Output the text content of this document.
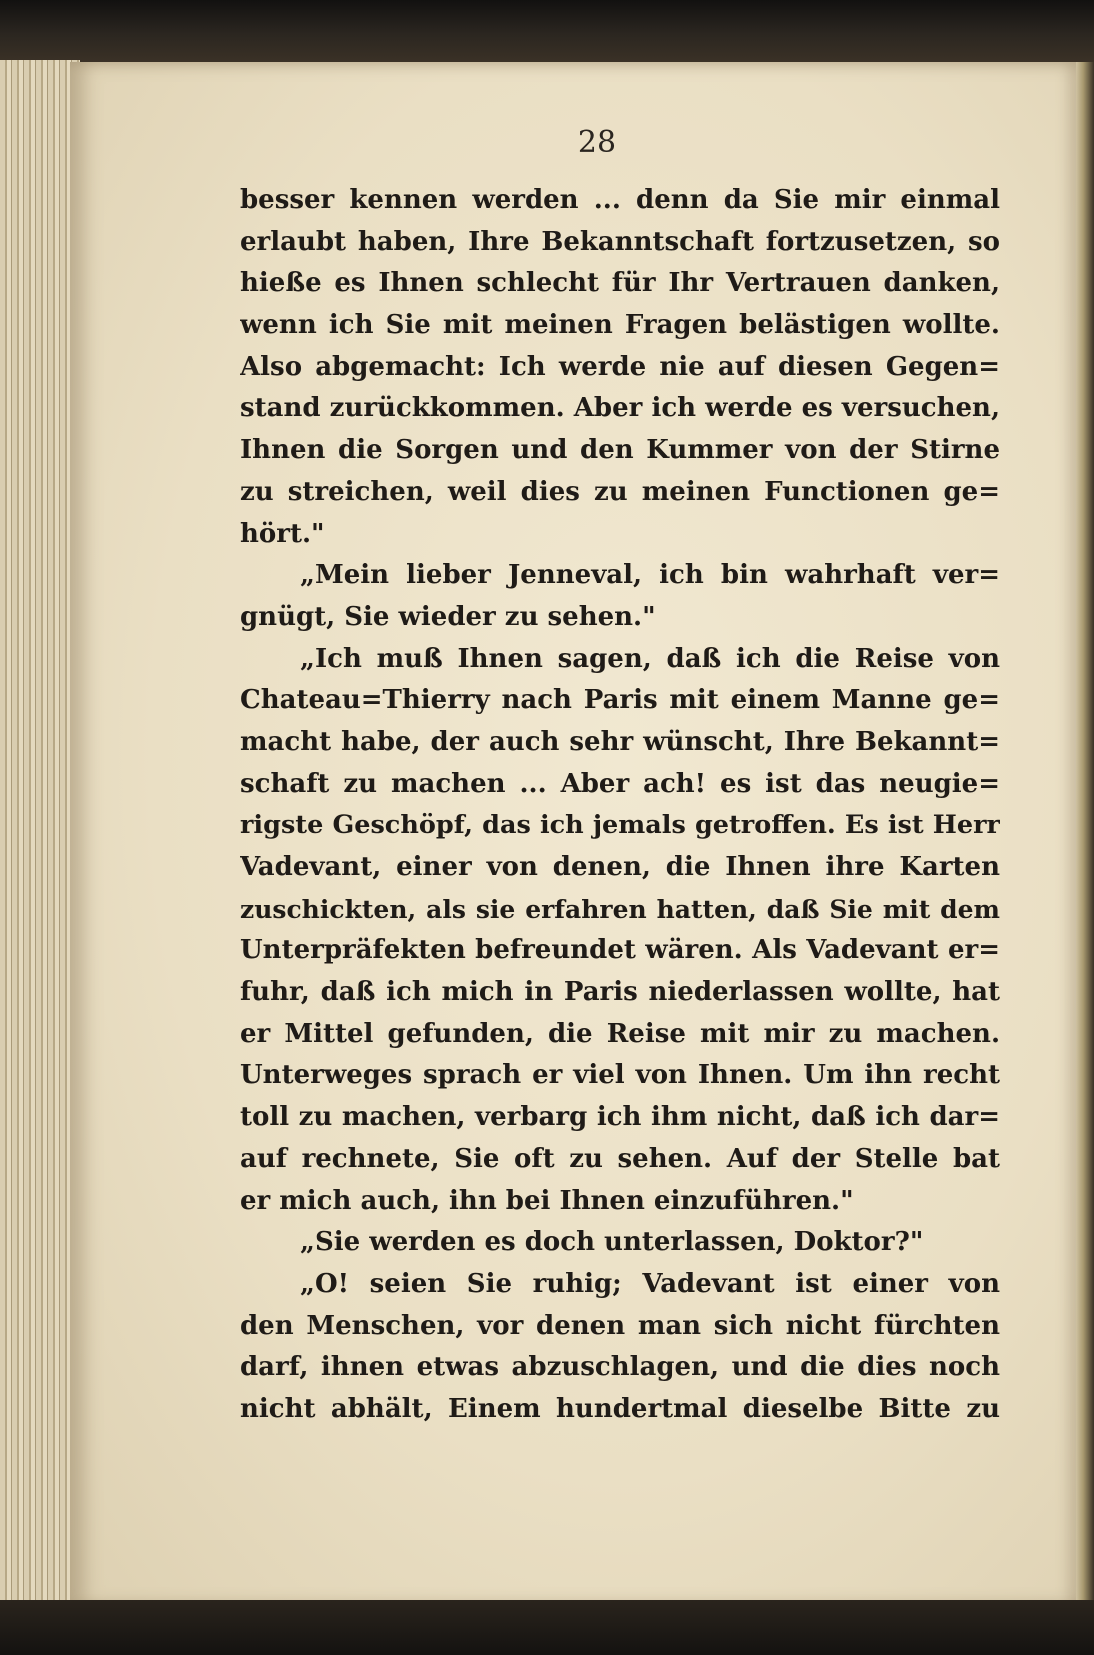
28
besser kennen werden ... denn da Sie mir einmal
erlaubt haben, Ihre Bekanntschaft fortzusetzen, so
hieße es Ihnen schlecht für Ihr Vertrauen danken,
wenn ich Sie mit meinen Fragen belästigen wollte.
Also abgemacht: Ich werde nie auf diesen Gegen=
stand zurückkommen. Aber ich werde es versuchen,
Ihnen die Sorgen und den Kummer von der Stirne
zu streichen, weil dies zu meinen Functionen ge=
hört."
„Mein lieber Jenneval, ich bin wahrhaft ver=
gnügt, Sie wieder zu sehen."
„Ich muß Ihnen sagen, daß ich die Reise von
Chateau=Thierry nach Paris mit einem Manne ge=
macht habe, der auch sehr wünscht, Ihre Bekannt=
schaft zu machen ... Aber ach! es ist das neugie=
rigste Geschöpf, das ich jemals getroffen. Es ist Herr
Vadevant, einer von denen, die Ihnen ihre Karten
zuschickten, als sie erfahren hatten, daß Sie mit dem
Unterpräfekten befreundet wären. Als Vadevant er=
fuhr, daß ich mich in Paris niederlassen wollte, hat
er Mittel gefunden, die Reise mit mir zu machen.
Unterweges sprach er viel von Ihnen. Um ihn recht
toll zu machen, verbarg ich ihm nicht, daß ich dar=
auf rechnete, Sie oft zu sehen. Auf der Stelle bat
er mich auch, ihn bei Ihnen einzuführen."
„Sie werden es doch unterlassen, Doktor?"
„O! seien Sie ruhig; Vadevant ist einer von
den Menschen, vor denen man sich nicht fürchten
darf, ihnen etwas abzuschlagen, und die dies noch
nicht abhält, Einem hundertmal dieselbe Bitte zu
